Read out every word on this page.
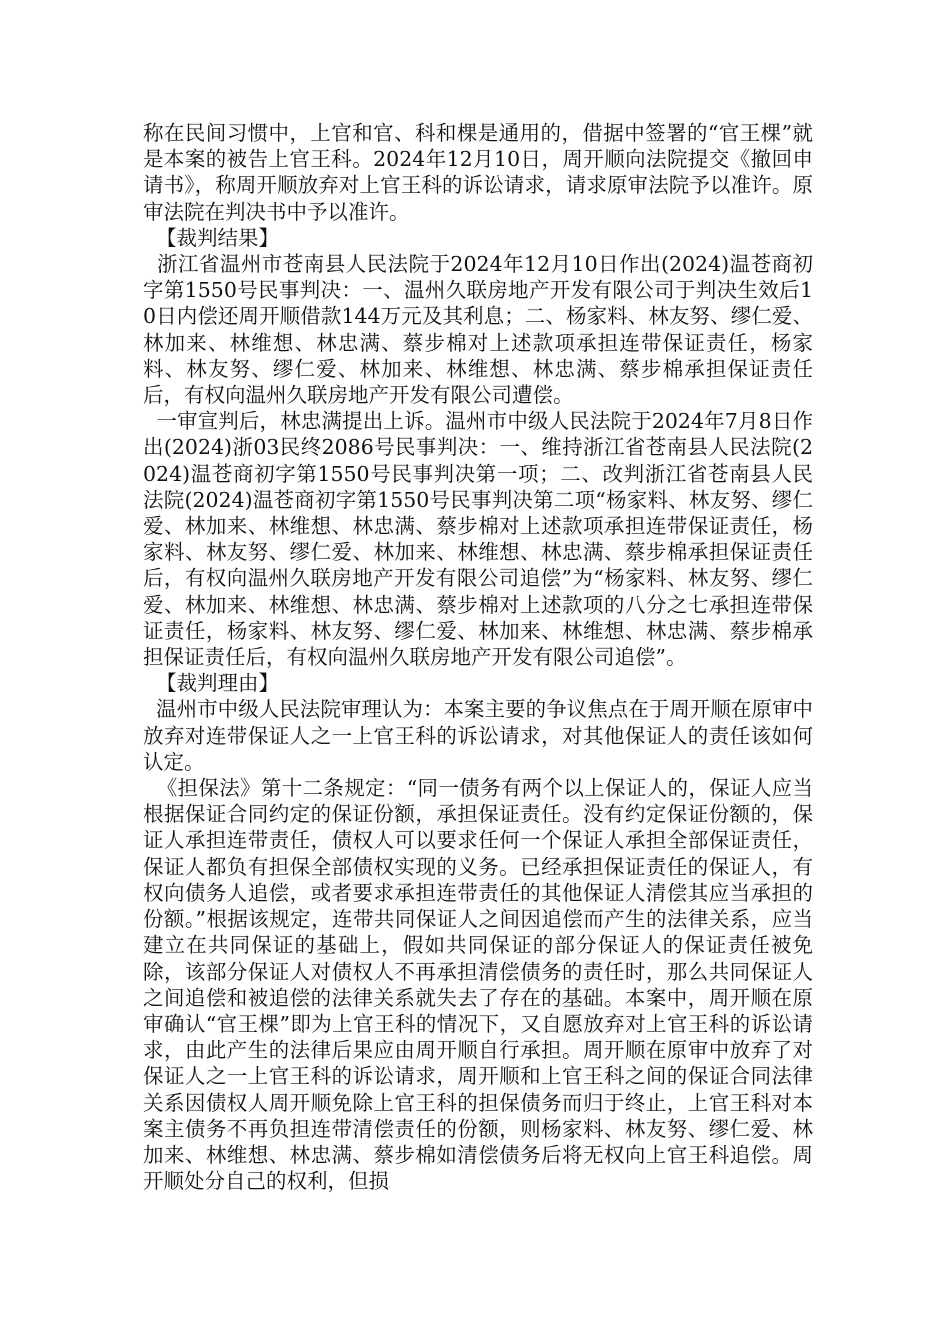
称在民间习惯中，上官和官、科和棵是通用的，借据中签署的“官王棵”就是本案的被告上官王科。2024年12月10日，周开顺向法院提交《撤回申请书》，称周开顺放弃对上官王科的诉讼请求，请求原审法院予以准许。原审法院在判决书中予以准许。

【裁判结果】

浙江省温州市苍南县人民法院于2024年12月10日作出(2024)温苍商初字第1550号民事判决：一、温州久联房地产开发有限公司于判决生效后10日内偿还周开顺借款144万元及其利息；二、杨家料、林友努、缪仁爱、林加来、林维想、林忠满、蔡步棉对上述款项承担连带保证责任，杨家料、林友努、缪仁爱、林加来、林维想、林忠满、蔡步棉承担保证责任后，有权向温州久联房地产开发有限公司遭偿。

一审宣判后，林忠满提出上诉。温州市中级人民法院于2024年7月8日作出(2024)浙03民终2086号民事判决：一、维持浙江省苍南县人民法院(2024)温苍商初字第1550号民事判决第一项；二、改判浙江省苍南县人民法院(2024)温苍商初字第1550号民事判决第二项“杨家料、林友努、缪仁爱、林加来、林维想、林忠满、蔡步棉对上述款项承担连带保证责任，杨家料、林友努、缪仁爱、林加来、林维想、林忠满、蔡步棉承担保证责任后，有权向温州久联房地产开发有限公司追偿”为“杨家料、林友努、缪仁爱、林加来、林维想、林忠满、蔡步棉对上述款项的八分之七承担连带保证责任，杨家料、林友努、缪仁爱、林加来、林维想、林忠满、蔡步棉承担保证责任后，有权向温州久联房地产开发有限公司追偿”。

【裁判理由】

温州市中级人民法院审理认为：本案主要的争议焦点在于周开顺在原审中放弃对连带保证人之一上官王科的诉讼请求，对其他保证人的责任该如何认定。

《担保法》第十二条规定：“同一债务有两个以上保证人的，保证人应当根据保证合同约定的保证份额，承担保证责任。没有约定保证份额的，保证人承担连带责任，债权人可以要求任何一个保证人承担全部保证责任，保证人都负有担保全部债权实现的义务。已经承担保证责任的保证人，有权向债务人追偿，或者要求承担连带责任的其他保证人清偿其应当承担的份额。”根据该规定，连带共同保证人之间因追偿而产生的法律关系，应当建立在共同保证的基础上，假如共同保证的部分保证人的保证责任被免除，该部分保证人对债权人不再承担清偿债务的责任时，那么共同保证人之间追偿和被追偿的法律关系就失去了存在的基础。本案中，周开顺在原审确认“官王棵”即为上官王科的情况下，又自愿放弃对上官王科的诉讼请求，由此产生的法律后果应由周开顺自行承担。周开顺在原审中放弃了对保证人之一上官王科的诉讼请求，周开顺和上官王科之间的保证合同法律关系因债权人周开顺免除上官王科的担保债务而归于终止，上官王科对本案主债务不再负担连带清偿责任的份额，则杨家料、林友努、缪仁爱、林加来、林维想、林忠满、蔡步棉如清偿债务后将无权向上官王科追偿。周开顺处分自己的权利，但损
